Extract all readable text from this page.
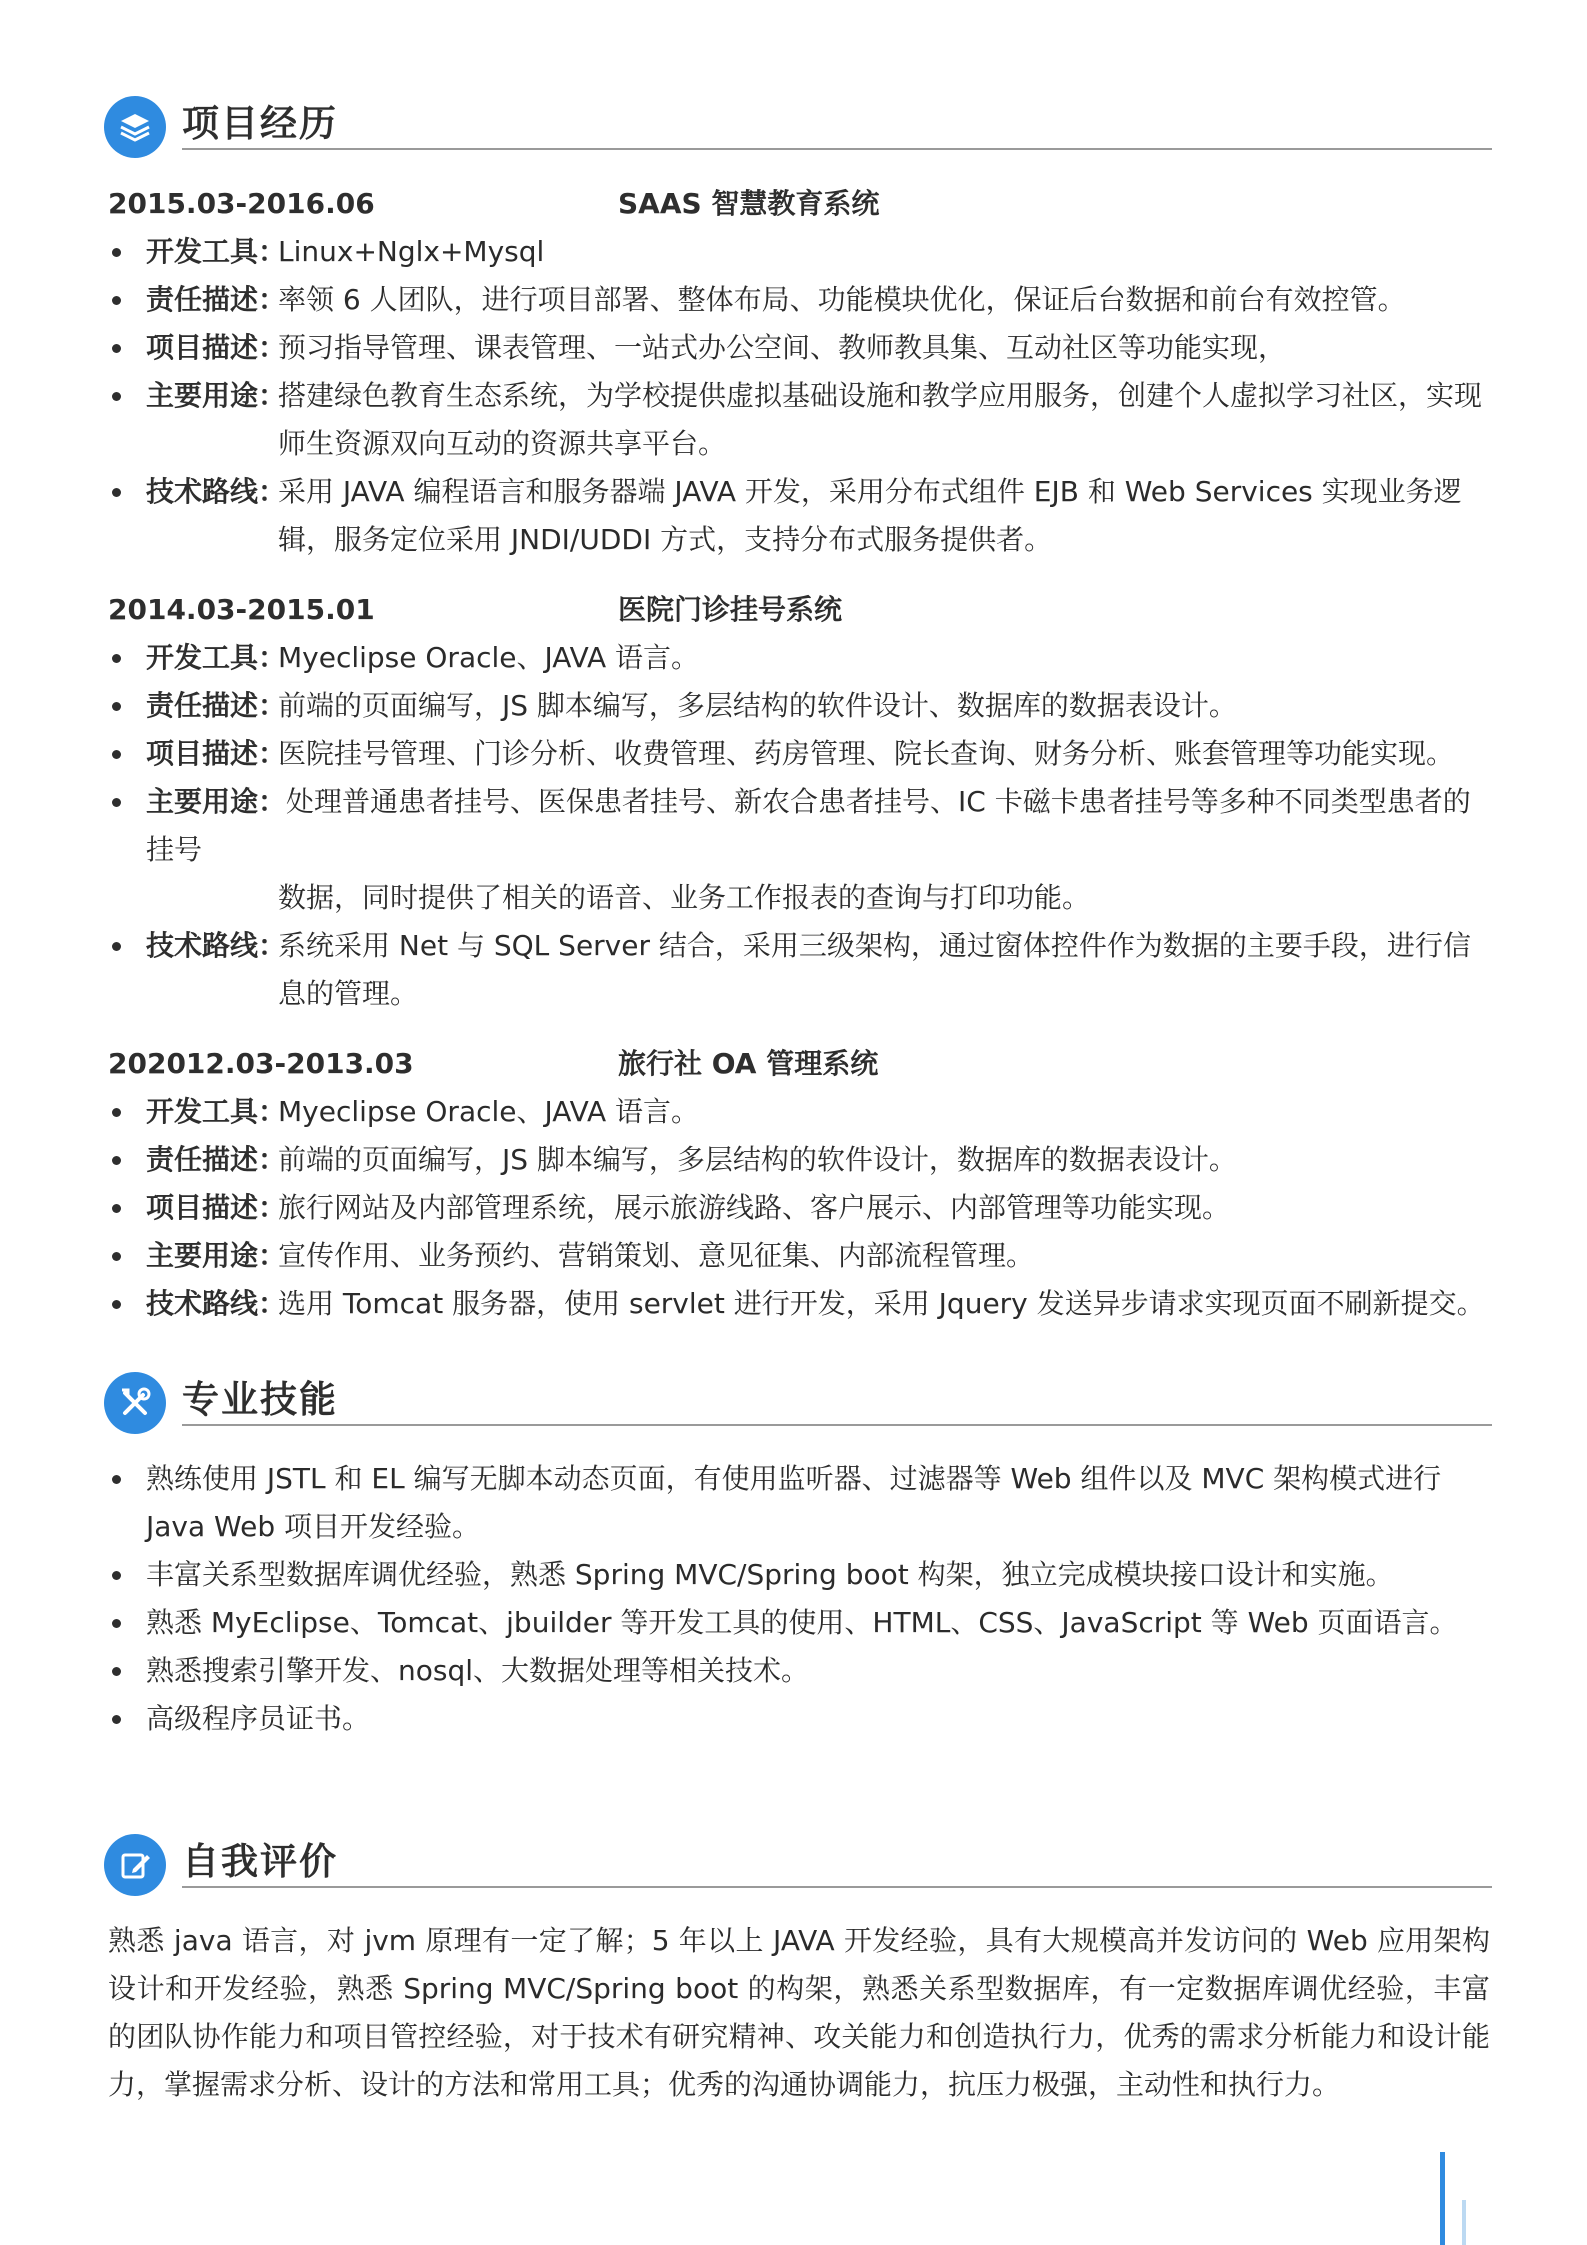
项目经历
2015.03-2016.06	SAAS 智慧教育系统
开发工具：
Linux+Nglx+Mysql
责任描述：
率领 6 人团队，进行项目部署、整体布局、功能模块优化，保证后台数据和前台有效控管。
项目描述：
预习指导管理、课表管理、一站式办公空间、教师教具集、互动社区等功能实现，
主要用途：
搭建绿色教育生态系统，为学校提供虚拟基础设施和教学应用服务，创建个人虚拟学习社区，实现师生资源双向互动的资源共享平台。
技术路线：
采用 JAVA 编程语言和服务器端 JAVA 开发，采用分布式组件 EJB 和 Web Services 实现业务逻辑，服务定位采用 JNDI/UDDI 方式，支持分布式服务提供者。
2014.03-2015.01	医院门诊挂号系统
开发工具：
Myeclipse Oracle、JAVA 语言。
责任描述：
前端的页面编写，JS 脚本编写，多层结构的软件设计、数据库的数据表设计。
项目描述：
医院挂号管理、门诊分析、收费管理、药房管理、院长查询、财务分析、账套管理等功能实现。
主要用途：处理普通患者挂号、医保患者挂号、新农合患者挂号、IC 卡磁卡患者挂号等多种不同类型患者的挂号
数据，同时提供了相关的语音、业务工作报表的查询与打印功能。
技术路线：
系统采用 Net 与 SQL Server 结合，采用三级架构，通过窗体控件作为数据的主要手段，进行信息的管理。
202012.03-2013.03	旅行社 OA 管理系统
开发工具：
Myeclipse Oracle、JAVA 语言。
责任描述：
前端的页面编写，JS 脚本编写，多层结构的软件设计，数据库的数据表设计。
项目描述：
旅行网站及内部管理系统，展示旅游线路、客户展示、内部管理等功能实现。
主要用途：
宣传作用、业务预约、营销策划、意见征集、内部流程管理。
技术路线：
选用 Tomcat 服务器，使用 servlet 进行开发，采用 Jquery 发送异步请求实现页面不刷新提交。
专业技能
熟练使用 JSTL 和 EL 编写无脚本动态页面，有使用监听器、过滤器等 Web 组件以及 MVC 架构模式进行 Java Web 项目开发经验。
丰富关系型数据库调优经验，熟悉 Spring MVC/Spring boot 构架，独立完成模块接口设计和实施。
熟悉 MyEclipse、Tomcat、jbuilder 等开发工具的使用、HTML、CSS、JavaScript 等 Web 页面语言。
熟悉搜索引擎开发、nosql、大数据处理等相关技术。
高级程序员证书。
自我评价
熟悉 java 语言，对 jvm 原理有一定了解；5 年以上 JAVA 开发经验，具有大规模高并发访问的 Web 应用架构设计和开发经验，熟悉 Spring MVC/Spring boot 的构架，熟悉关系型数据库，有一定数据库调优经验，丰富的团队协作能力和项目管控经验，对于技术有研究精神、攻关能力和创造执行力，优秀的需求分析能力和设计能力，掌握需求分析、设计的方法和常用工具；优秀的沟通协调能力，抗压力极强，主动性和执行力。
